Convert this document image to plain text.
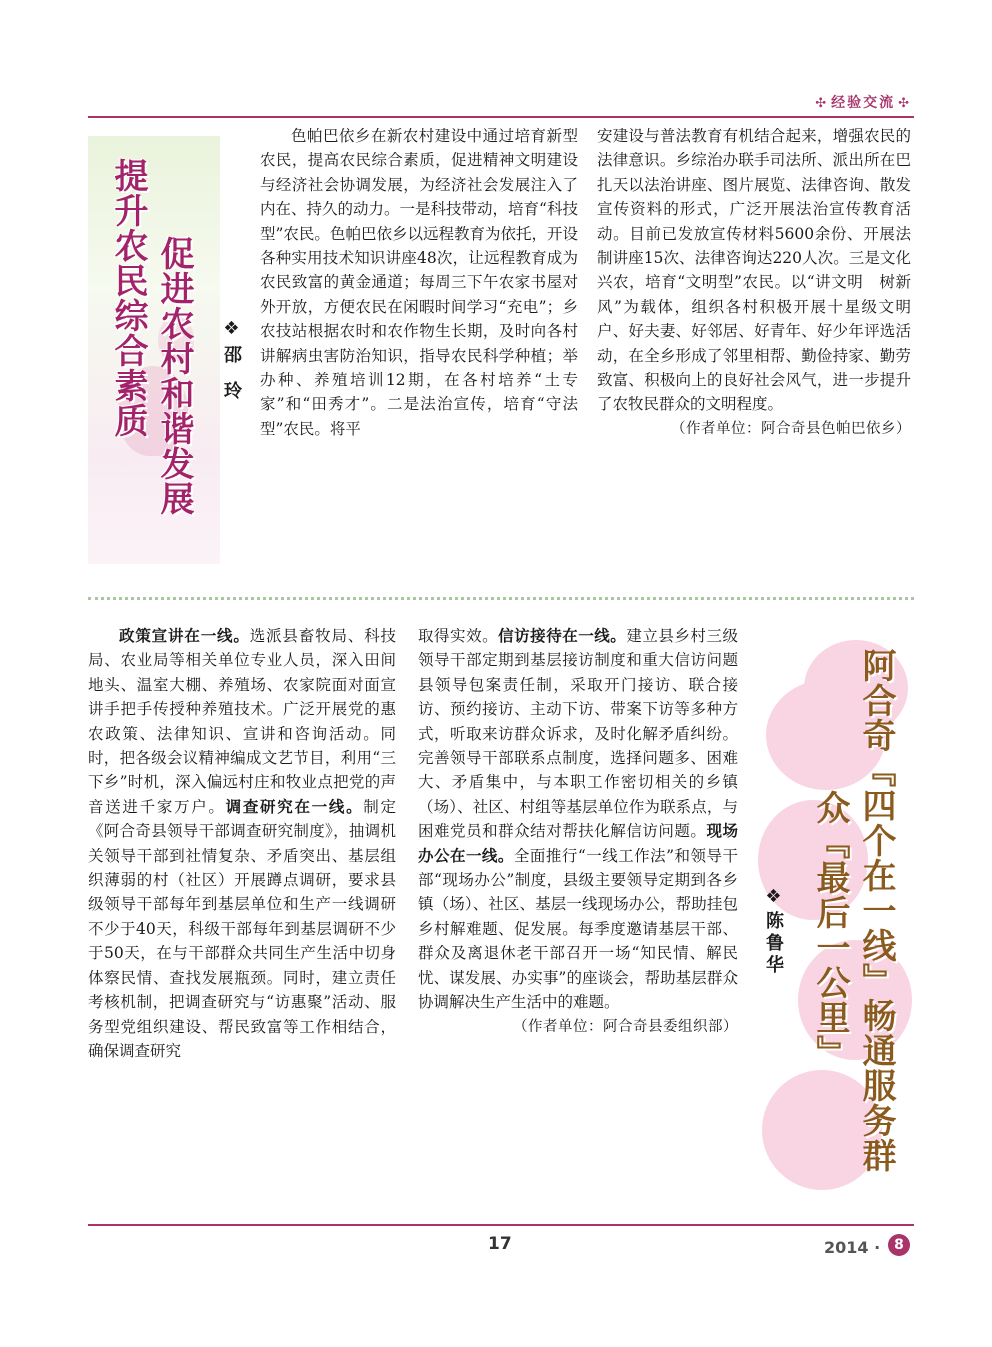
✣ 经验交流 ✣
提升农民综合素质 促进农村和谐发展 ❖邵 玲

色帕巴依乡在新农村建设中通过培育新型农民，提高农民综合素质，促进精神文明建设与经济社会协调发展，为经济社会发展注入了内在、持久的动力。一是科技带动，培育“科技型”农民。色帕巴依乡以远程教育为依托，开设各种实用技术知识讲座48次，让远程教育成为农民致富的黄金通道；每周三下午农家书屋对外开放，方便农民在闲暇时间学习“充电”；乡农技站根据农时和农作物生长期，及时向各村讲解病虫害防治知识，指导农民科学种植；举办种、养殖培训12期，在各村培养“土专家”和“田秀才”。二是法治宣传，培育“守法型”农民。将平

安建设与普法教育有机结合起来，增强农民的法律意识。乡综治办联手司法所、派出所在巴扎天以法治讲座、图片展览、法律咨询、散发宣传资料的形式，广泛开展法治宣传教育活动。目前已发放宣传材料5600余份、开展法制讲座15次、法律咨询达220人次。三是文化兴农，培育“文明型”农民。以“讲文明　树新风”为载体，组织各村积极开展十星级文明户、好夫妻、好邻居、好青年、好少年评选活动，在全乡形成了邻里相帮、勤俭持家、勤劳致富、积极向上的良好社会风气，进一步提升了农牧民群众的文明程度。

（作者单位：阿合奇县色帕巴依乡）

政策宣讲在一线。选派县畜牧局、科技局、农业局等相关单位专业人员，深入田间地头、温室大棚、养殖场、农家院面对面宣讲手把手传授种养殖技术。广泛开展党的惠农政策、法律知识、宣讲和咨询活动。同时，把各级会议精神编成文艺节目，利用“三下乡”时机，深入偏远村庄和牧业点把党的声音送进千家万户。调查研究在一线。制定《阿合奇县领导干部调查研究制度》，抽调机关领导干部到社情复杂、矛盾突出、基层组织薄弱的村（社区）开展蹲点调研，要求县级领导干部每年到基层单位和生产一线调研不少于40天，科级干部每年到基层调研不少于50天，在与干部群众共同生产生活中切身体察民情、查找发展瓶颈。同时，建立责任考核机制，把调查研究与“访惠聚”活动、服务型党组织建设、帮民致富等工作相结合，确保调查研究

取得实效。信访接待在一线。建立县乡村三级领导干部定期到基层接访制度和重大信访问题县领导包案责任制，采取开门接访、联合接访、预约接访、主动下访、带案下访等多种方式，听取来访群众诉求，及时化解矛盾纠纷。完善领导干部联系点制度，选择问题多、困难大、矛盾集中，与本职工作密切相关的乡镇（场）、社区、村组等基层单位作为联系点，与困难党员和群众结对帮扶化解信访问题。现场办公在一线。全面推行“一线工作法”和领导干部“现场办公”制度，县级主要领导定期到各乡镇（场）、社区、基层一线现场办公，帮助挂包乡村解难题、促发展。每季度邀请基层干部、群众及离退休老干部召开一场“知民情、解民忧、谋发展、办实事”的座谈会，帮助基层群众协调解决生产生活中的难题。

（作者单位：阿合奇县委组织部）	阿合奇『四个在一线』畅通服务群
众『最后一公里』
❖陈鲁华
17	2014 · 8
